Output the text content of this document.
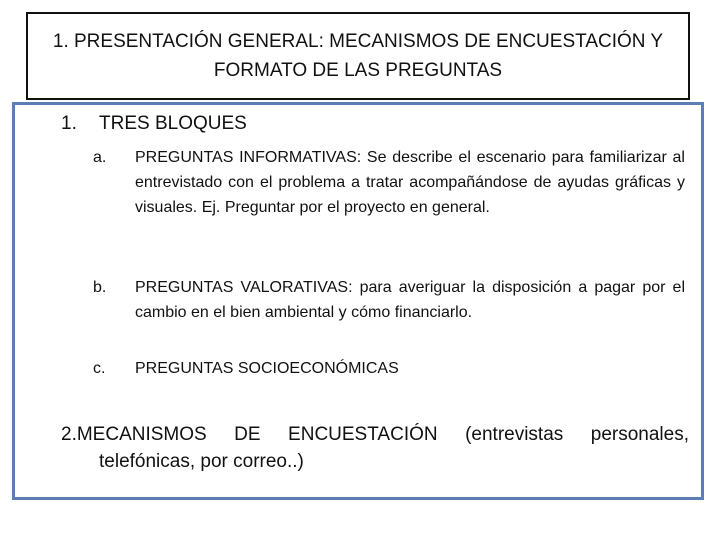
1. PRESENTACIÓN GENERAL: MECANISMOS DE ENCUESTACIÓN Y
FORMATO DE LAS PREGUNTAS
1. TRES BLOQUES
a. PREGUNTAS INFORMATIVAS: Se describe el escenario para familiarizar al entrevistado con el problema a tratar acompañándose de ayudas gráficas y visuales. Ej. Preguntar por el proyecto en general.
b. PREGUNTAS VALORATIVAS: para averiguar la disposición a pagar por el cambio en el bien ambiental y cómo financiarlo.
c. PREGUNTAS SOCIOECONÓMICAS
2.MECANISMOS DE ENCUESTACIÓN (entrevistas personales,
telefónicas, por correo..)
